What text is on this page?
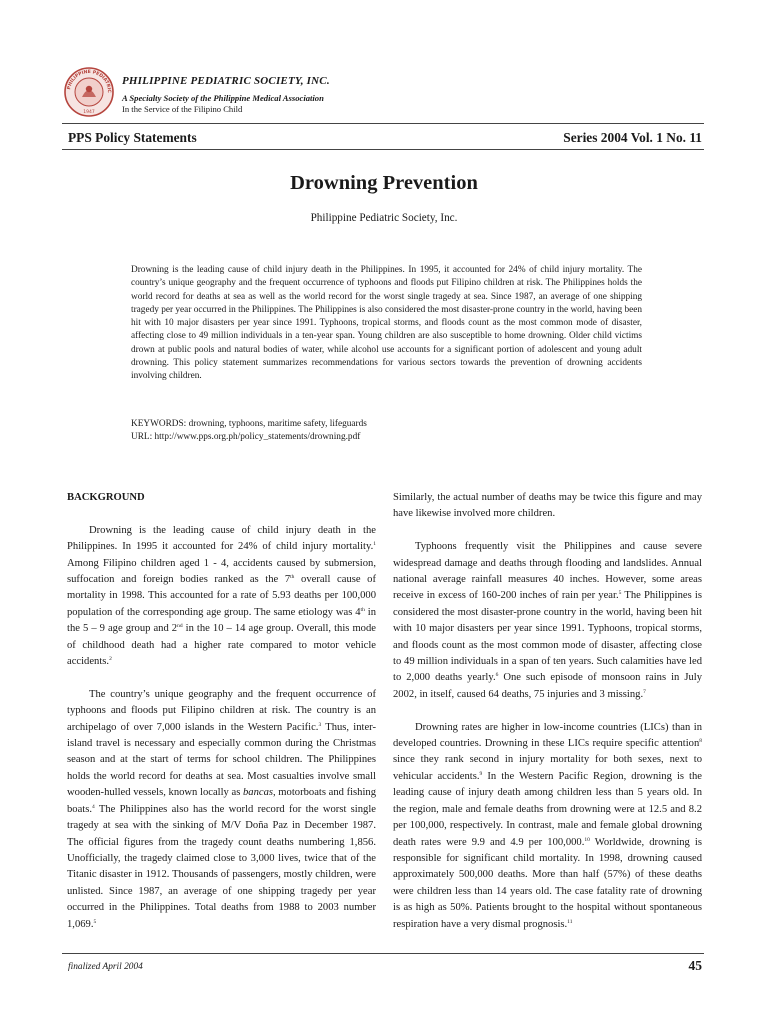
PHILIPPINE PEDIATRIC
1947
PHILIPPINE PEDIATRIC SOCIETY, INC.
A Specialty Society of the Philippine Medical Association
In the Service of the Filipino Child
PPS Policy Statements	Series 2004 Vol. 1 No. 11
Drowning Prevention
Philippine Pediatric Society, Inc.
Drowning is the leading cause of child injury death in the Philippines. In 1995, it accounted for 24% of child injury mortality. The country’s unique geography and the frequent occurrence of typhoons and floods put Filipino children at risk. The Philippines holds the world record for deaths at sea as well as the world record for the worst single tragedy at sea. Since 1987, an average of one shipping tragedy per year occurred in the Philippines. The Philippines is also considered the most disaster-prone country in the world, having been hit with 10 major disasters per year since 1991. Typhoons, tropical storms, and floods count as the most common mode of disaster, affecting close to 49 million individuals in a ten-year span. Young children are also susceptible to home drowning. Older child victims drown at public pools and natural bodies of water, while alcohol use accounts for a significant portion of adolescent and young adult drowning. This policy statement summarizes recommendations for various sectors towards the prevention of drowning accidents involving children.
KEYWORDS: drowning, typhoons, maritime safety, lifeguards
URL: http://www.pps.org.ph/policy_statements/drowning.pdf

BACKGROUND

Drowning is the leading cause of child injury death in the Philippines. In 1995 it accounted for 24% of child injury mortality.$^1$ Among Filipino children aged 1 - 4, accidents caused by submersion, suffocation and foreign bodies ranked as the 7th overall cause of mortality in 1998. This accounted for a rate of 5.93 deaths per 100,000 population of the corresponding age group. The same etiology was 4th in the 5 – 9 age group and 2nd in the 10 – 14 age group. Overall, this mode of childhood death had a higher rate compared to motor vehicle accidents.$^2$

The country’s unique geography and the frequent occurrence of typhoons and floods put Filipino children at risk. The country is an archipelago of over 7,000 islands in the Western Pacific.$^3$ Thus, inter-island travel is necessary and especially common during the Christmas season and at the start of terms for school children. The Philippines holds the world record for deaths at sea. Most casualties involve small wooden-hulled vessels, known locally as bancas, motorboats and fishing boats.$^4$ The Philippines also has the world record for the worst single tragedy at sea with the sinking of M/V Doña Paz in December 1987. The official figures from the tragedy count deaths numbering 1,856. Unofficially, the tragedy claimed close to 3,000 lives, twice that of the Titanic disaster in 1912. Thousands of passengers, mostly children, were unlisted. Since 1987, an average of one shipping tragedy per year occurred in the Philippines. Total deaths from 1988 to 2003 number 1,069.$^5$

Similarly, the actual number of deaths may be twice this figure and may have likewise involved more children.

Typhoons frequently visit the Philippines and cause severe widespread damage and deaths through flooding and landslides. Annual national average rainfall measures 40 inches. However, some areas receive in excess of 160-200 inches of rain per year.$^5$ The Philippines is considered the most disaster-prone country in the world, having been hit with 10 major disasters per year since 1991. Typhoons, tropical storms, and floods count as the most common mode of disaster, affecting close to 49 million individuals in a span of ten years. Such calamities have led to 2,000 deaths yearly.$^6$ One such episode of monsoon rains in July 2002, in itself, caused 64 deaths, 75 injuries and 3 missing.$^7$

Drowning rates are higher in low-income countries (LICs) than in developed countries. Drowning in these LICs require specific attention$^8$ since they rank second in injury mortality for both sexes, next to vehicular accidents.$^9$ In the Western Pacific Region, drowning is the leading cause of injury death among children less than 5 years old. In the region, male and female deaths from drowning were at 12.5 and 8.2 per 100,000, respectively. In contrast, male and female global drowning death rates were 9.9 and 4.9 per 100,000.10 Worldwide, drowning is responsible for significant child mortality. In 1998, drowning caused approximately 500,000 deaths. More than half (57%) of these deaths were children less than 14 years old. The case fatality rate of drowning is as high as 50%. Patients brought to the hospital without spontaneous respiration have a very dismal prognosis.$^{11}$

finalized April 2004	45
